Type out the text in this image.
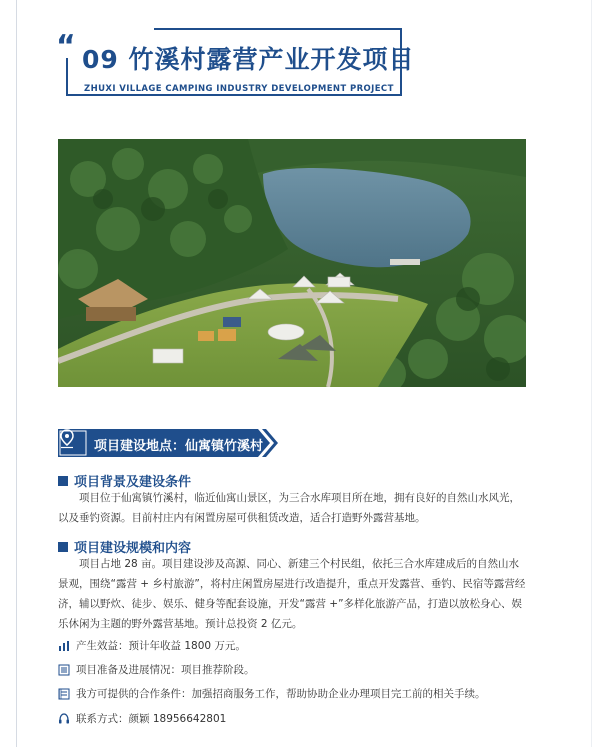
“ 09 竹溪村露营产业开发项目
ZHUXI VILLAGE CAMPING INDUSTRY DEVELOPMENT PROJECT
项目建设地点：仙寓镇竹溪村
项目背景及建设条件
项目位于仙寓镇竹溪村，临近仙寓山景区，为三合水库项目所在地，拥有良好的自然山水风光，以及垂钓资源。目前村庄内有闲置房屋可供租赁改造，适合打造野外露营基地。
项目建设规模和内容
项目占地 28 亩。项目建设涉及高源、同心、新建三个村民组，依托三合水库建成后的自然山水景观，围绕“露营 + 乡村旅游”，将村庄闲置房屋进行改造提升，重点开发露营、垂钓、民宿等露营经济，辅以野炊、徒步、娱乐、健身等配套设施，开发“露营 +”多样化旅游产品，打造以放松身心、娱乐休闲为主题的野外露营基地。预计总投资 2 亿元。
产生效益：预计年收益 1800 万元。
项目准备及进展情况：项目推荐阶段。
我方可提供的合作条件：加强招商服务工作，帮助协助企业办理项目完工前的相关手续。
联系方式：颜颖 18956642801
